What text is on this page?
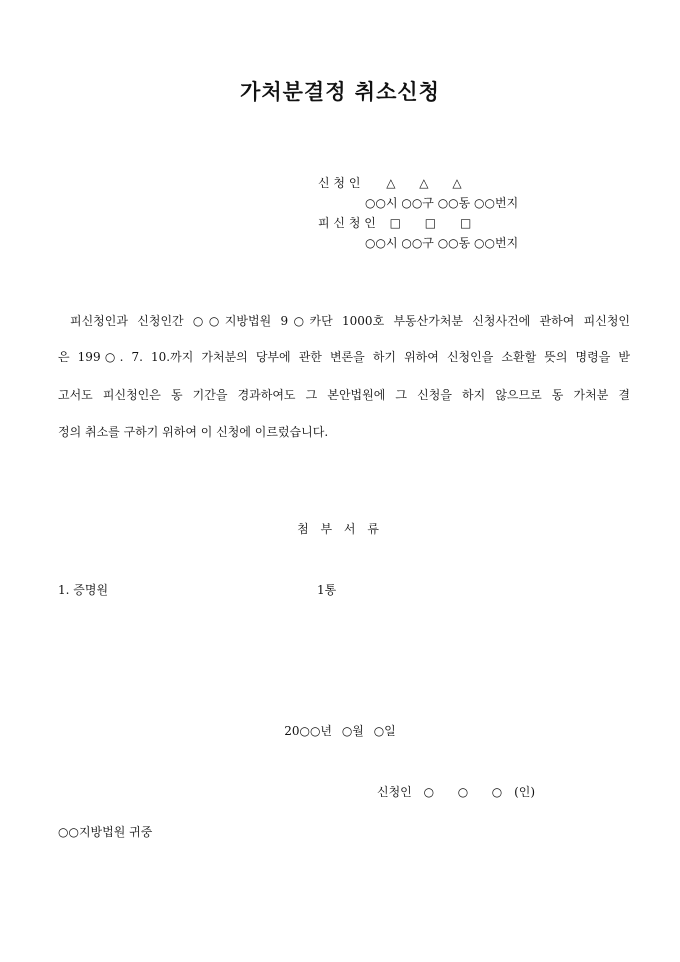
가처분결정 취소신청
신 청 인 △ △ △
○○시 ○○구 ○○동 ○○번지
피 신 청 인 □ □ □
○○시 ○○구 ○○동 ○○번지
피신청인과 신청인간 ○○지방법원 9○카단 1000호 부동산가처분 신청사건에 관하여 피신청인
은 199○. 7. 10.까지 가처분의 당부에 관한 변론을 하기 위하여 신청인을 소환할 뜻의 명령을 받
고서도 피신청인은 동 기간을 경과하여도 그 본안법원에 그 신청을 하지 않으므로 동 가처분 결
정의 취소를 구하기 위하여 이 신청에 이르렀습니다.
첨 부 서 류
1. 증명원	1통
20○○년 ○월 ○일
신청인 ○  ○  ○ (인)
○○지방법원 귀중
